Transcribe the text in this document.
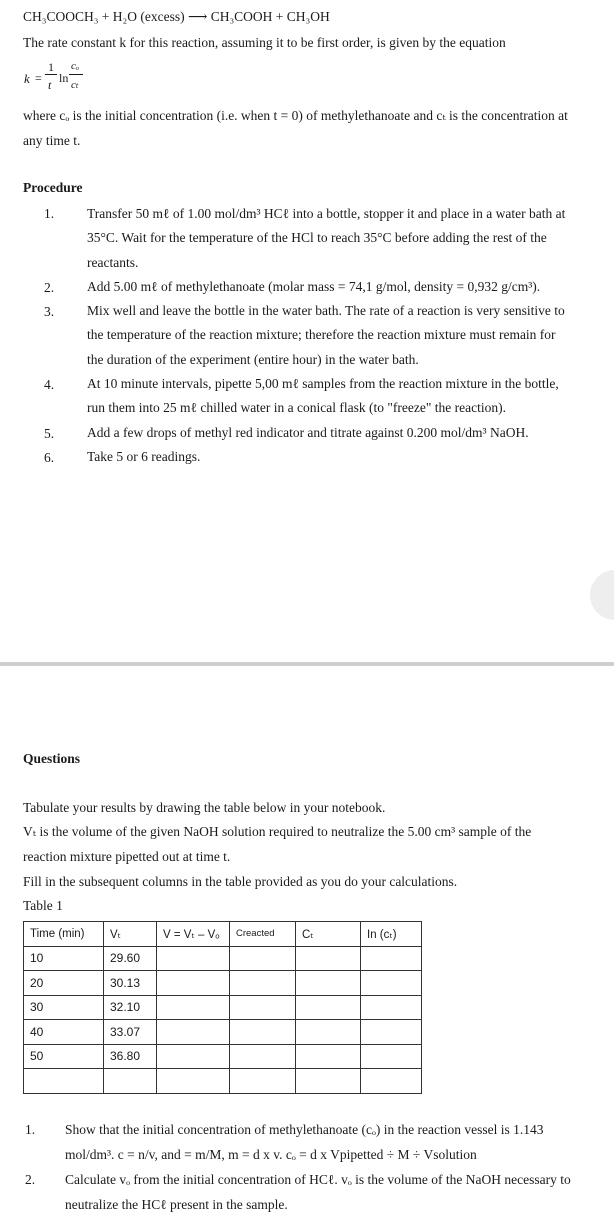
CH₃COOCH₃ + H₂O (excess) ⟶ CH₃COOH + CH₃OH
The rate constant k for this reaction, assuming it to be first order, is given by the equation
k =
1
t ln
cₒ
cₜ
where cₒ is the initial concentration (i.e. when t = 0) of methylethanoate and cₜ is the concentration at any time t.
Procedure
1. Transfer 50 mℓ of 1.00 mol/dm³ HCℓ into a bottle, stopper it and place in a water bath at 35°C. Wait for the temperature of the HCl to reach 35°C before adding the rest of the reactants.
2. Add 5.00 mℓ of methylethanoate (molar mass = 74,1 g/mol, density = 0,932 g/cm³).
3. Mix well and leave the bottle in the water bath. The rate of a reaction is very sensitive to the temperature of the reaction mixture; therefore the reaction mixture must remain for the duration of the experiment (entire hour) in the water bath.
4. At 10 minute intervals, pipette 5,00 mℓ samples from the reaction mixture in the bottle, run them into 25 mℓ chilled water in a conical flask (to "freeze" the reaction).
5. Add a few drops of methyl red indicator and titrate against 0.200 mol/dm³ NaOH.
6. Take 5 or 6 readings.
Questions
Tabulate your results by drawing the table below in your notebook.
Vₜ is the volume of the given NaOH solution required to neutralize the 5.00 cm³ sample of the reaction mixture pipetted out at time t.
Fill in the subsequent columns in the table provided as you do your calculations.
Table 1
Time (min)	Vₜ	V = Vₜ – Vₒ	Creacted	Cₜ	In (cₜ)
10	29.60				
20	30.13				
30	32.10				
40	33.07				
50	36.80				

1. Show that the initial concentration of methylethanoate (cₒ) in the reaction vessel is 1.143 mol/dm³. c = n/v, and = m/M, m = d x v. cₒ = d x Vpipetted ÷ M ÷ Vsolution
2. Calculate vₒ from the initial concentration of HCℓ. vₒ is the volume of the NaOH necessary to neutralize the HCℓ present in the sample.
